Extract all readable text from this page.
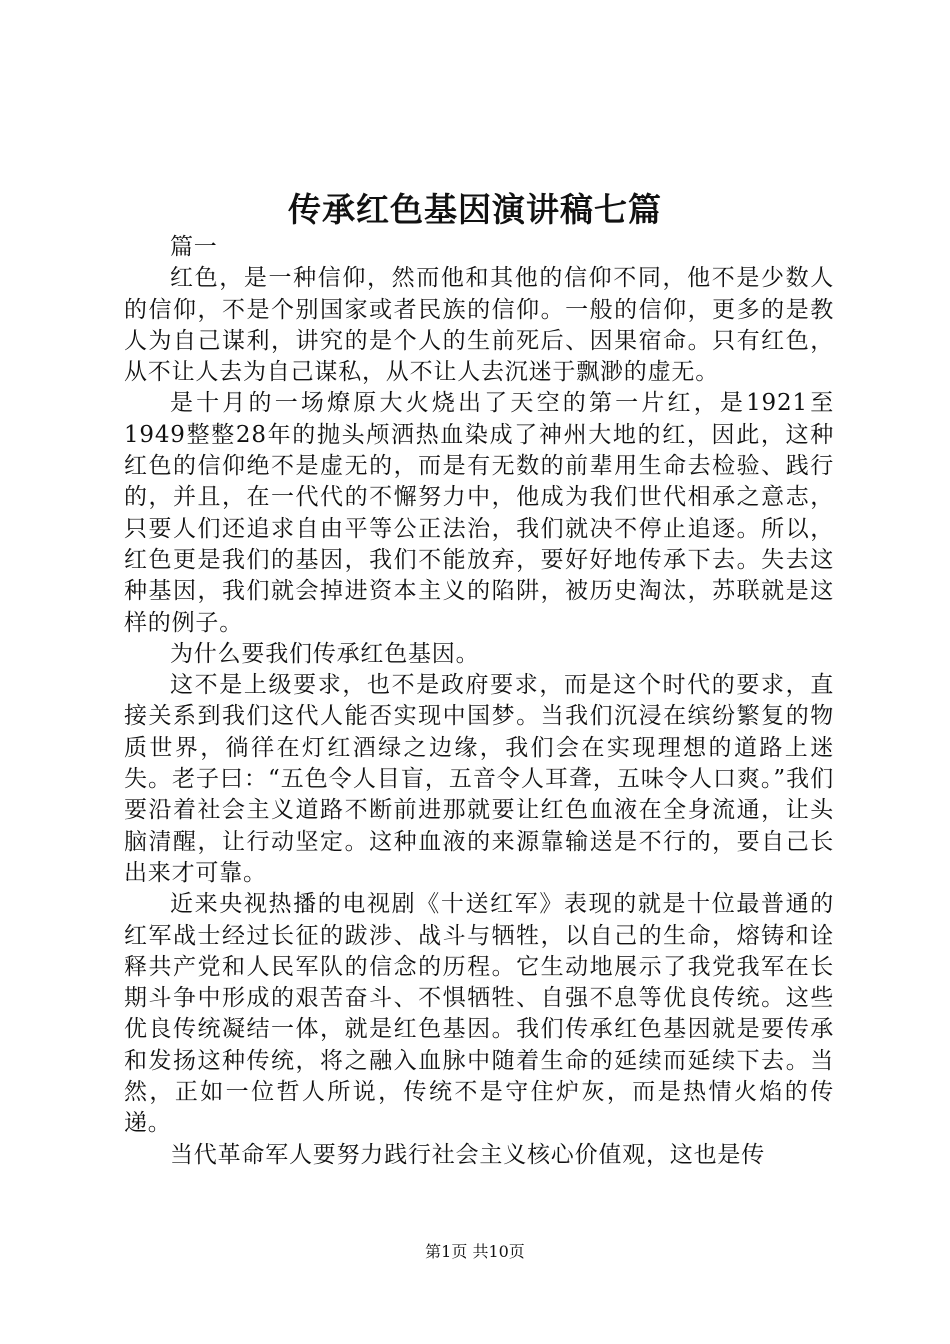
传承红色基因演讲稿七篇

篇一

红色，是一种信仰，然而他和其他的信仰不同，他不是少数人的信仰，不是个别国家或者民族的信仰。一般的信仰，更多的是教人为自己谋利，讲究的是个人的生前死后、因果宿命。只有红色，从不让人去为自己谋私，从不让人去沉迷于飘渺的虚无。

是十月的一场燎原大火烧出了天空的第一片红，是1921至1949整整28年的抛头颅洒热血染成了神州大地的红，因此，这种红色的信仰绝不是虚无的，而是有无数的前辈用生命去检验、践行的，并且，在一代代的不懈努力中，他成为我们世代相承之意志，只要人们还追求自由平等公正法治，我们就决不停止追逐。所以，红色更是我们的基因，我们不能放弃，要好好地传承下去。失去这种基因，我们就会掉进资本主义的陷阱，被历史淘汰，苏联就是这样的例子。

为什么要我们传承红色基因。

这不是上级要求，也不是政府要求，而是这个时代的要求，直接关系到我们这代人能否实现中国梦。当我们沉浸在缤纷繁复的物质世界，徜徉在灯红酒绿之边缘，我们会在实现理想的道路上迷失。老子曰：“五色令人目盲，五音令人耳聋，五味令人口爽。”我们要沿着社会主义道路不断前进那就要让红色血液在全身流通，让头脑清醒，让行动坚定。这种血液的来源靠输送是不行的，要自己长出来才可靠。

近来央视热播的电视剧《十送红军》表现的就是十位最普通的红军战士经过长征的跋涉、战斗与牺牲，以自己的生命，熔铸和诠释共产党和人民军队的信念的历程。它生动地展示了我党我军在长期斗争中形成的艰苦奋斗、不惧牺牲、自强不息等优良传统。这些优良传统凝结一体，就是红色基因。我们传承红色基因就是要传承和发扬这种传统，将之融入血脉中随着生命的延续而延续下去。当然，正如一位哲人所说，传统不是守住炉灰，而是热情火焰的传递。

当代革命军人要努力践行社会主义核心价值观，这也是传

第1页 共10页
